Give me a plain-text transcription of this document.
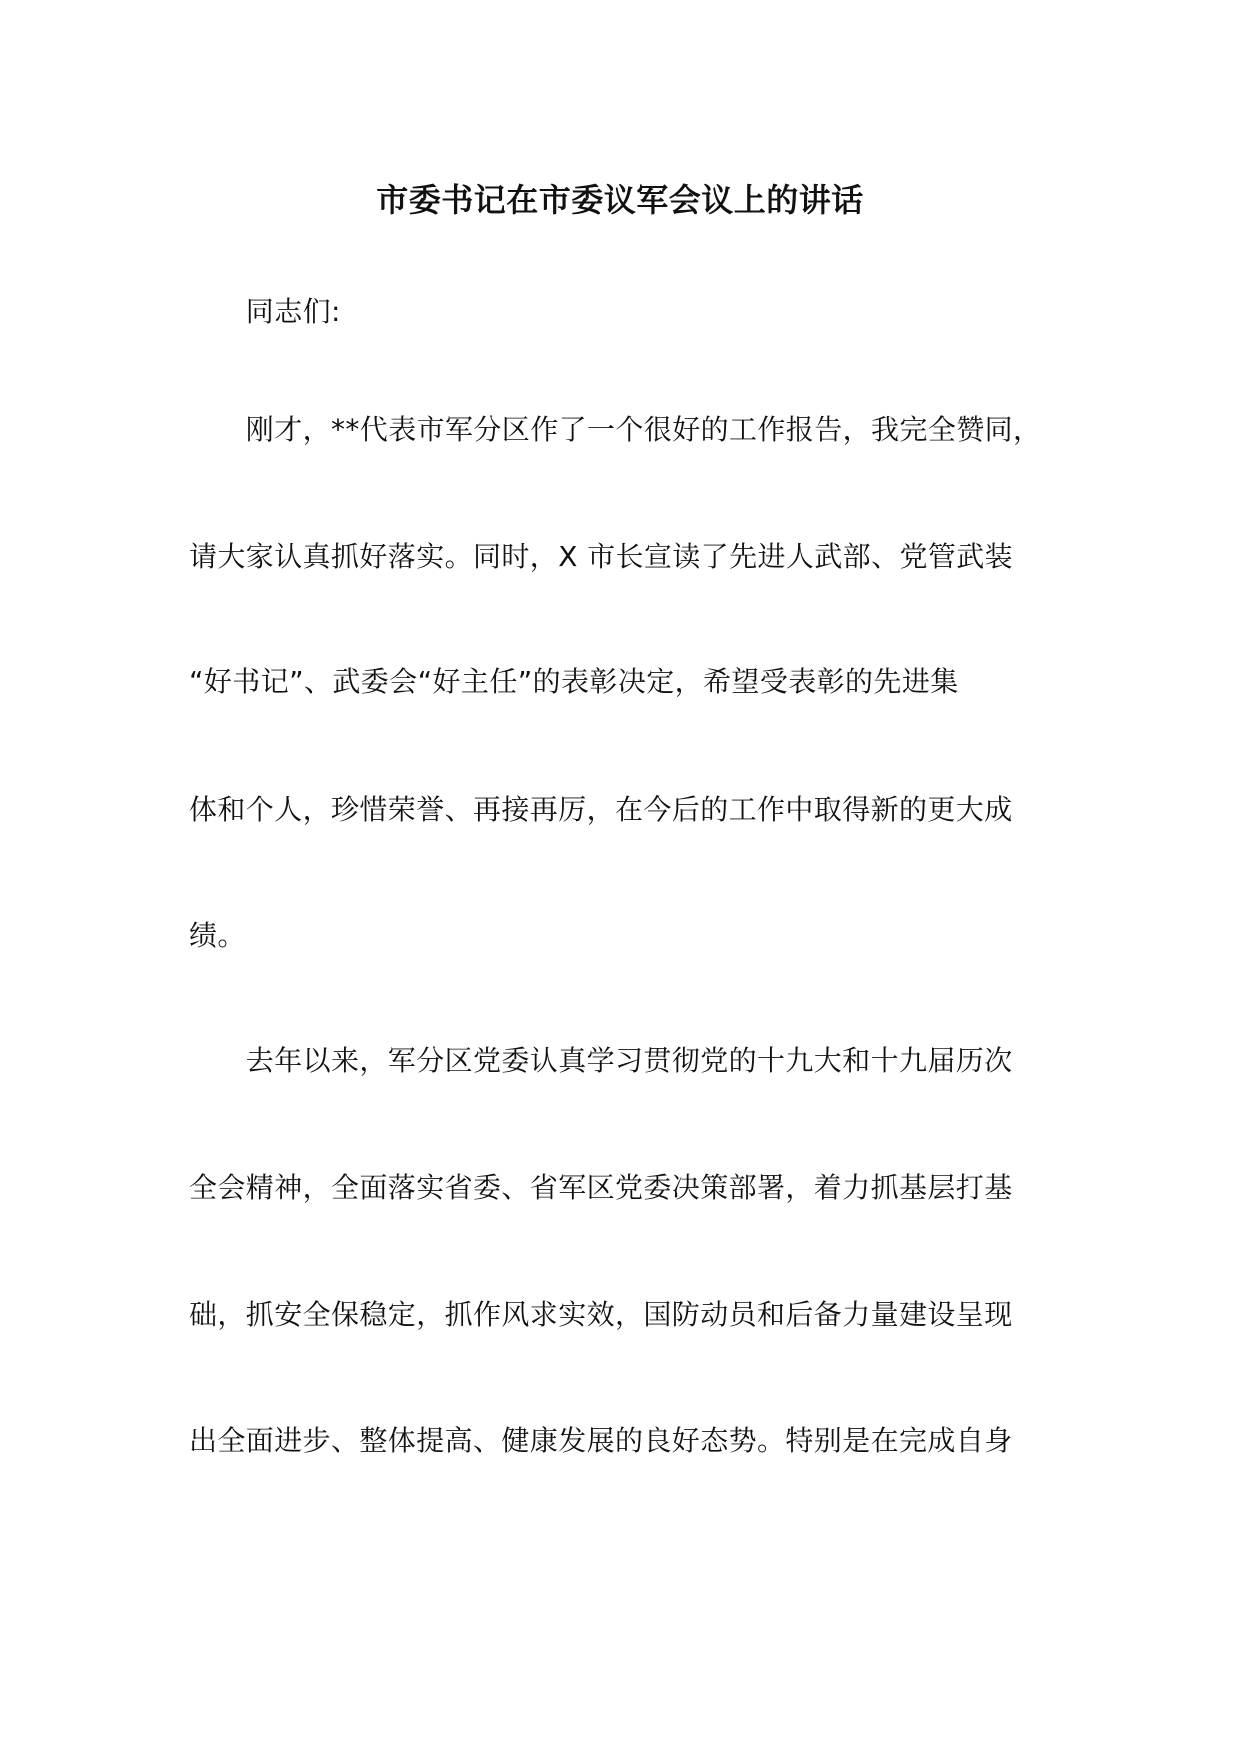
市委书记在市委议军会议上的讲话
　　同志们:
　　刚才，**代表市军分区作了一个很好的工作报告，我完全赞同，
请大家认真抓好落实。同时，X 市长宣读了先进人武部、党管武装
“好书记”、武委会“好主任”的表彰决定，希望受表彰的先进集
体和个人，珍惜荣誉、再接再厉，在今后的工作中取得新的更大成
绩。
　　去年以来，军分区党委认真学习贯彻党的十九大和十九届历次
全会精神，全面落实省委、省军区党委决策部署，着力抓基层打基
础，抓安全保稳定，抓作风求实效，国防动员和后备力量建设呈现
出全面进步、整体提高、健康发展的良好态势。特别是在完成自身
